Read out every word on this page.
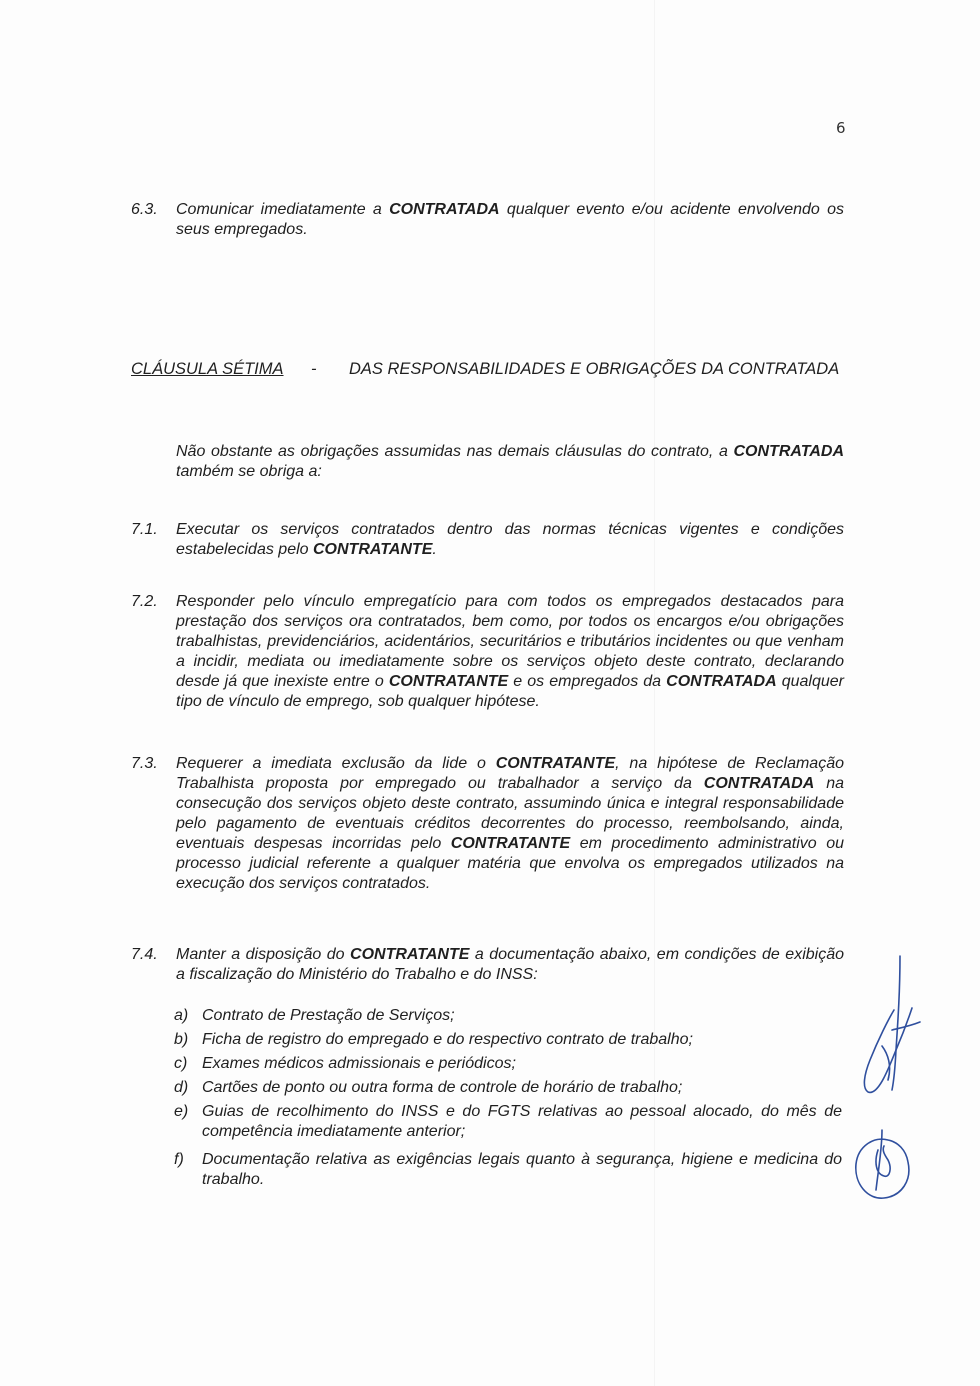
6
6.3. Comunicar imediatamente a CONTRATADA qualquer evento e/ou acidente envolvendo os seus empregados.
CLÁUSULA SÉTIMA - DAS RESPONSABILIDADES E OBRIGAÇÕES DA CONTRATADA
Não obstante as obrigações assumidas nas demais cláusulas do contrato, a CONTRATADA também se obriga a:
7.1. Executar os serviços contratados dentro das normas técnicas vigentes e condições estabelecidas pelo CONTRATANTE.
7.2. Responder pelo vínculo empregatício para com todos os empregados destacados para prestação dos serviços ora contratados, bem como, por todos os encargos e/ou obrigações trabalhistas, previdenciários, acidentários, securitários e tributários incidentes ou que venham a incidir, mediata ou imediatamente sobre os serviços objeto deste contrato, declarando desde já que inexiste entre o CONTRATANTE e os empregados da CONTRATADA qualquer tipo de vínculo de emprego, sob qualquer hipótese.
7.3. Requerer a imediata exclusão da lide o CONTRATANTE, na hipótese de Reclamação Trabalhista proposta por empregado ou trabalhador a serviço da CONTRATADA na consecução dos serviços objeto deste contrato, assumindo única e integral responsabilidade pelo pagamento de eventuais créditos decorrentes do processo, reembolsando, ainda, eventuais despesas incorridas pelo CONTRATANTE em procedimento administrativo ou processo judicial referente a qualquer matéria que envolva os empregados utilizados na execução dos serviços contratados.
7.4. Manter a disposição do CONTRATANTE a documentação abaixo, em condições de exibição a fiscalização do Ministério do Trabalho e do INSS:
a) Contrato de Prestação de Serviços;
b) Ficha de registro do empregado e do respectivo contrato de trabalho;
c) Exames médicos admissionais e periódicos;
d) Cartões de ponto ou outra forma de controle de horário de trabalho;
e) Guias de recolhimento do INSS e do FGTS relativas ao pessoal alocado, do mês de competência imediatamente anterior;
f) Documentação relativa as exigências legais quanto à segurança, higiene e medicina do trabalho.
